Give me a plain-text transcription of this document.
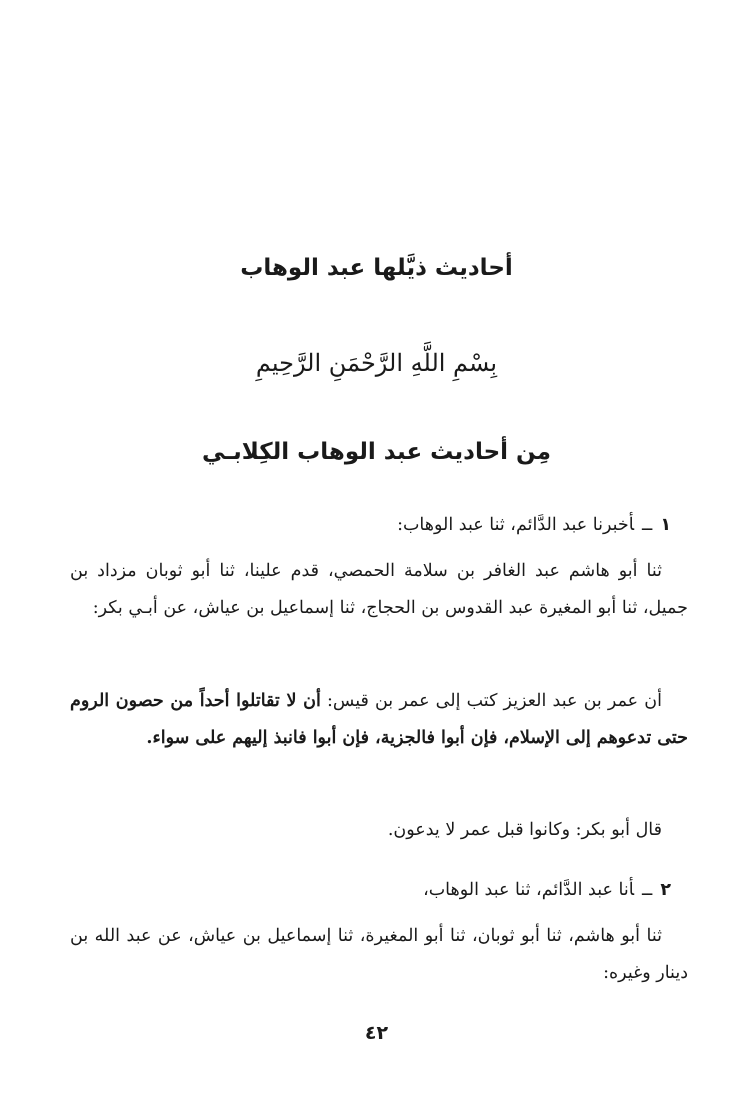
أحاديث ذيَّلها عبد الوهاب
بِسْمِ اللَّهِ الرَّحْمَنِ الرَّحِيمِ
مِن أحاديث عبد الوهاب الكِلابـي
١ــأخبرنا عبد الدَّائم، ثنا عبد الوهاب:

ثنا أبو هاشم عبد الغافر بن سلامة الحمصي، قدم علينا، ثنا أبو ثوبان مزداد بن جميل، ثنا أبو المغيرة عبد القدوس بن الحجاج، ثنا إسماعيل بن عياش، عن أبـي بكر:

أن عمر بن عبد العزيز كتب إلى عمر بن قيس: أن لا تقاتلوا أحداً من حصون الروم حتى تدعوهم إلى الإسلام، فإن أبوا فالجزية، فإن أبوا فانبذ إليهم على سواء.

قال أبو بكر: وكانوا قبل عمر لا يدعون.

٢ــأنا عبد الدَّائم، ثنا عبد الوهاب،

ثنا أبو هاشم، ثنا أبو ثوبان، ثنا أبو المغيرة، ثنا إسماعيل بن عياش، عن عبد الله بن دينار وغيره:

٤٢
